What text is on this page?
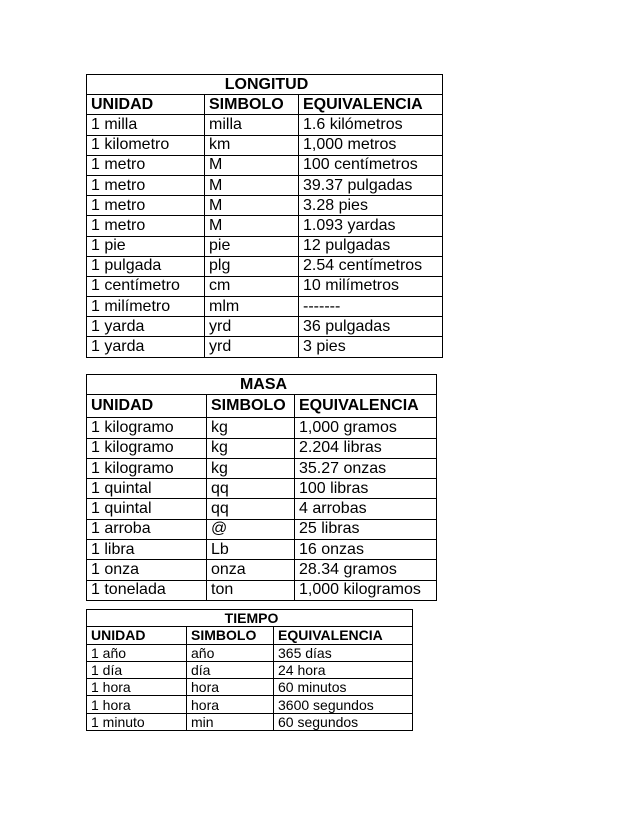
LONGITUD		
UNIDAD	SIMBOLO	EQUIVALENCIA
1 milla	milla	1.6 kilómetros
1 kilometro	km	1,000 metros
1 metro	M	100 centímetros
1 metro	M	39.37 pulgadas
1 metro	M	3.28 pies
1 metro	M	1.093 yardas
1 pie	pie	12 pulgadas
1 pulgada	plg	2.54 centímetros
1 centímetro	cm	10 milímetros
1 milímetro	mlm	-------
1 yarda	yrd	36 pulgadas
1 yarda	yrd	3 pies
MASA		
UNIDAD	SIMBOLO	EQUIVALENCIA
1 kilogramo	kg	1,000 gramos
1 kilogramo	kg	2.204 libras
1 kilogramo	kg	35.27 onzas
1 quintal	qq	100 libras
1 quintal	qq	4 arrobas
1 arroba	@	25 libras
1 libra	Lb	16 onzas
1 onza	onza	28.34 gramos
1 tonelada	ton	1,000 kilogramos
TIEMPO		
UNIDAD	SIMBOLO	EQUIVALENCIA
1 año	año	365 días
1 día	día	24 hora
1 hora	hora	60 minutos
1 hora	hora	3600 segundos
1 minuto	min	60 segundos
